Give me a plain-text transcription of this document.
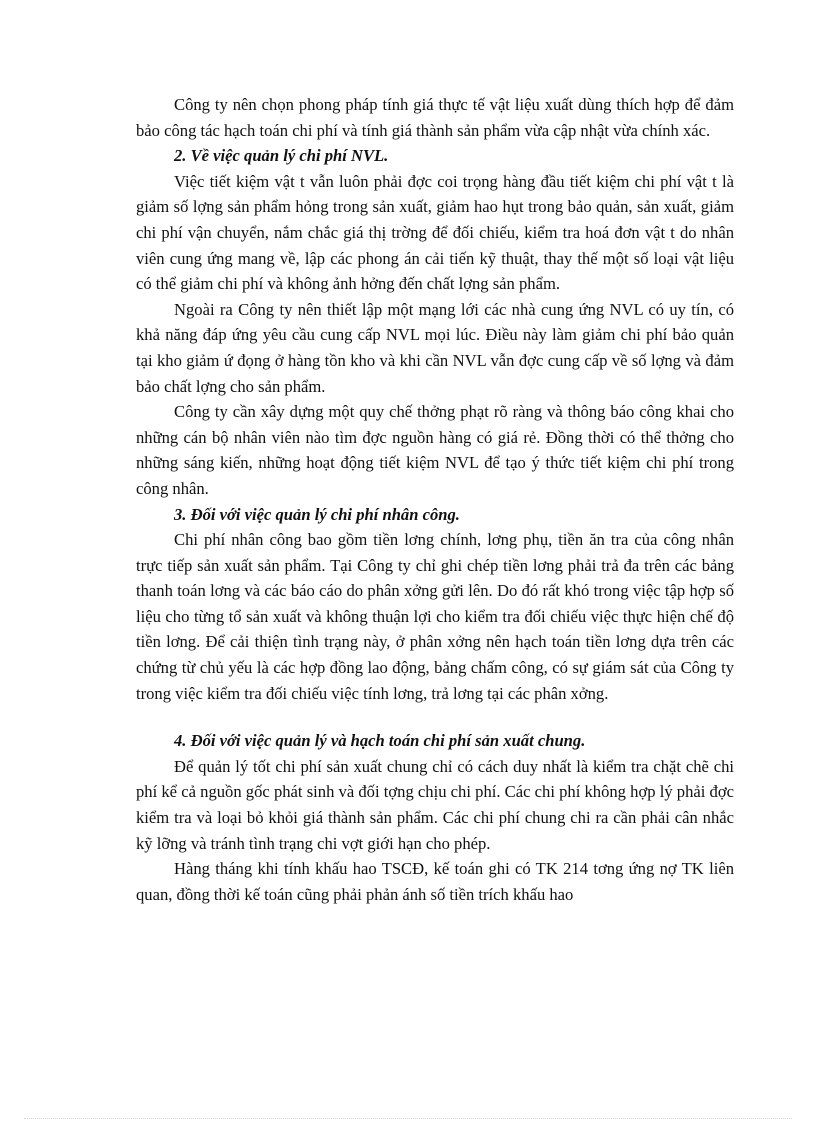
Công ty nên chọn phong pháp tính giá thực tế vật liệu xuất dùng thích hợp để đảm bảo công tác hạch toán chi phí và tính giá thành sản phẩm vừa cập nhật vừa chính xác.

2. Về việc quản lý chi phí NVL.

Việc tiết kiệm vật t vẫn luôn phải đợc coi trọng hàng đầu tiết kiệm chi phí vật t là giảm số lợng sản phẩm hỏng trong sản xuất, giảm hao hụt trong bảo quản, sản xuất, giảm chi phí vận chuyển, nắm chắc giá thị trờng để đối chiếu, kiểm tra hoá đơn vật t do nhân viên cung ứng mang về, lập các phong án cải tiến kỹ thuật, thay thế một số loại vật liệu có thể giảm chi phí và không ảnh hởng đến chất lợng sản phẩm.

Ngoài ra Công ty nên thiết lập một mạng lới các nhà cung ứng NVL có uy tín, có khả năng đáp ứng yêu cầu cung cấp NVL mọi lúc. Điều này làm giảm chi phí bảo quản tại kho giảm ứ đọng ở hàng tồn kho và khi cần NVL vẫn đợc cung cấp về số lợng và đảm bảo chất lợng cho sản phẩm.

Công ty cần xây dựng một quy chế thởng phạt rõ ràng và thông báo công khai cho những cán bộ nhân viên nào tìm đợc nguồn hàng có giá rẻ. Đồng thời có thể thởng cho những sáng kiến, những hoạt động tiết kiệm NVL để tạo ý thức tiết kiệm chi phí trong công nhân.

3. Đối với việc quản lý chi phí nhân công.

Chi phí nhân công bao gồm tiền lơng chính, lơng phụ, tiền ăn tra của công nhân trực tiếp sản xuất sản phẩm. Tại Công ty chỉ ghi chép tiền lơng phải trả đa trên các bảng thanh toán lơng và các báo cáo do phân xởng gửi lên. Do đó rất khó trong việc tập hợp số liệu cho từng tổ sản xuất và không thuận lợi cho kiểm tra đối chiếu việc thực hiện chế độ tiền lơng. Để cải thiện tình trạng này, ở phân xởng nên hạch toán tiền lơng dựa trên các chứng từ chủ yếu là các hợp đồng lao động, bảng chấm công, có sự giám sát của Công ty trong việc kiểm tra đối chiếu việc tính lơng, trả lơng tại các phân xởng.

4. Đối với việc quản lý và hạch toán chi phí sản xuất chung.

Để quản lý tốt chi phí sản xuất chung chỉ có cách duy nhất là kiểm tra chặt chẽ chi phí kể cả nguồn gốc phát sinh và đối tợng chịu chi phí. Các chi phí không hợp lý phải đợc kiểm tra và loại bỏ khỏi giá thành sản phẩm. Các chi phí chung chi ra cần phải cân nhắc kỹ lỡng và tránh tình trạng chi vợt giới hạn cho phép.

Hàng tháng khi tính khấu hao TSCĐ, kế toán ghi có TK 214 tơng ứng nợ TK liên quan, đồng thời kế toán cũng phải phản ánh số tiền trích khấu hao
